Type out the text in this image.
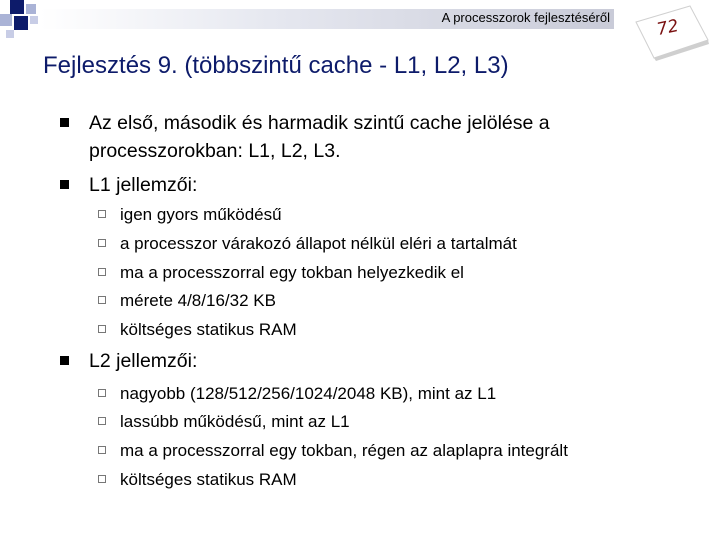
A processzorok fejlesztéséről	72
Fejlesztés 9. (többszintű cache - L1, L2, L3)
Az első, második és harmadik szintű cache jelölése a processzorokban: L1, L2, L3.
L1 jellemzői:
igen gyors működésű
a processzor várakozó állapot nélkül eléri a tartalmát
ma a processzorral egy tokban helyezkedik el
mérete 4/8/16/32 KB
költséges statikus RAM
L2 jellemzői:
nagyobb (128/512/256/1024/2048 KB), mint az L1
lassúbb működésű, mint az L1
ma a processzorral egy tokban, régen az alaplapra integrált
költséges statikus RAM
